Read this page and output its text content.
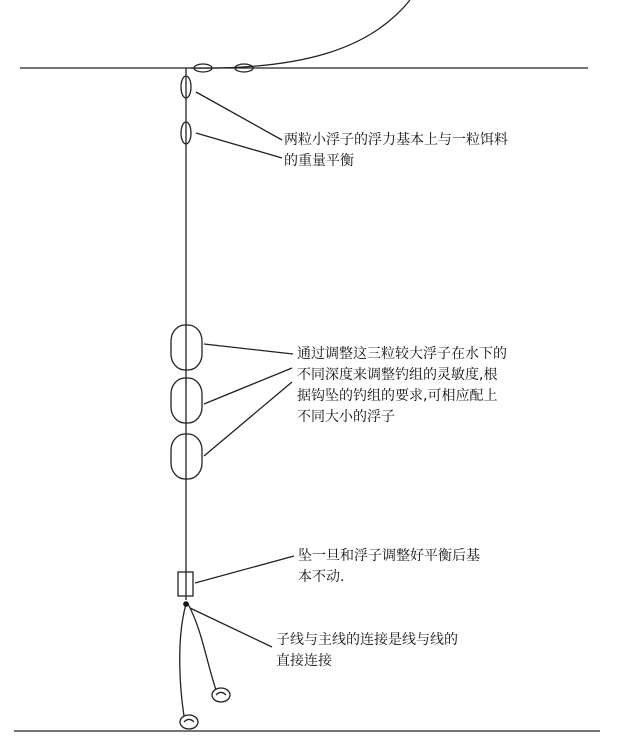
两粒小浮子的浮力基本上与一粒饵料
的重量平衡
通过调整这三粒较大浮子在水下的
不同深度来调整钓组的灵敏度,根
据钩坠的钓组的要求,可相应配上
不同大小的浮子
坠一旦和浮子调整好平衡后基
本不动.
子线与主线的连接是线与线的
直接连接
